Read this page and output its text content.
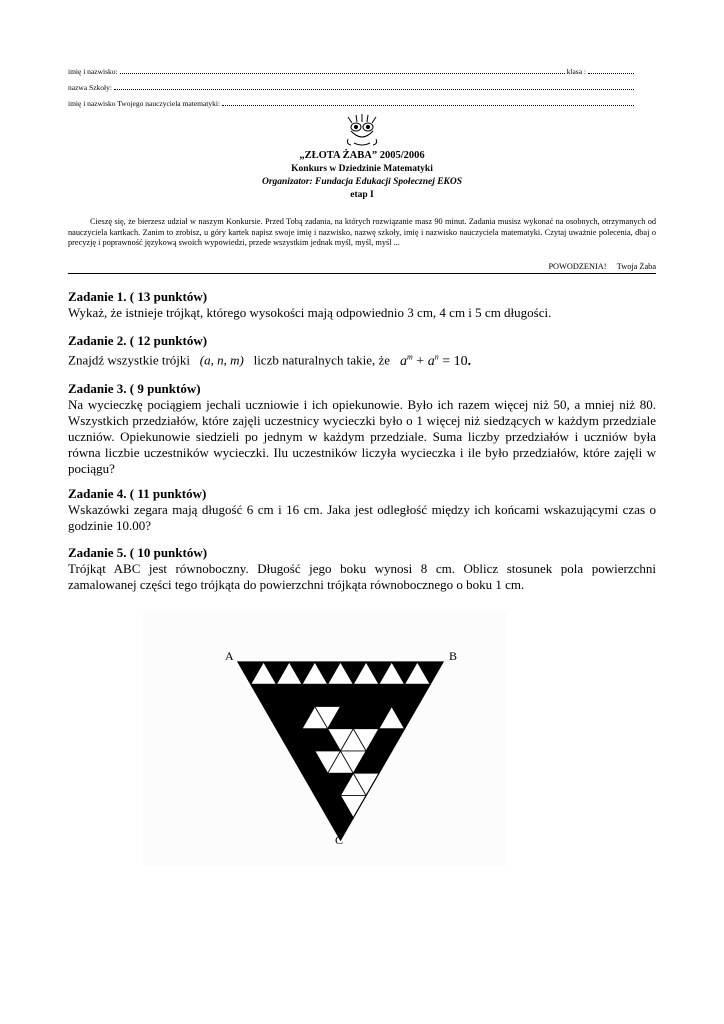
imię i nazwisko:	klasa :
nazwa Szkoły:
imię i nazwisko Twojego nauczyciela matematyki:
„ZŁOTA ŻABA” 2005/2006
Konkurs w Dziedzinie Matematyki
Organizator: Fundacja Edukacji Społecznej EKOS
etap I
Cieszę się, że bierzesz udział w naszym Konkursie. Przed Tobą zadania, na których rozwiązanie masz 90 minut. Zadania musisz wykonać na osobnych, otrzymanych od nauczyciela kartkach. Zanim to zrobisz, u góry kartek napisz swoje imię i nazwisko, nazwę szkoły, imię i nazwisko nauczyciela matematyki. Czytaj uważnie polecenia, dbaj o precyzję i poprawność językową swoich wypowiedzi, przede wszystkim jednak myśl, myśl, myśl ...
POWODZENIA!     Twoja Żaba
Zadanie 1. ( 13 punktów)

Wykaż, że istnieje trójkąt, którego wysokości mają odpowiednio 3 cm, 4 cm i 5 cm długości.

Zadanie 2. ( 12 punktów)

Znajdź wszystkie trójki (a, n, m) liczb naturalnych takie, że $a^m + a^n = 10$.

Zadanie 3. ( 9 punktów)

Na wycieczkę pociągiem jechali uczniowie i ich opiekunowie. Było ich razem więcej niż 50, a mniej niż 80. Wszystkich przedziałów, które zajęli uczestnicy wycieczki było o 1 więcej niż siedzących w każdym przedziale uczniów. Opiekunowie siedzieli po jednym w każdym przedziale. Suma liczby przedziałów i uczniów była równa liczbie uczestników wycieczki. Ilu uczestników liczyła wycieczka i ile było przedziałów, które zajęli w pociągu?

Zadanie 4. ( 11 punktów)

Wskazówki zegara mają długość 6 cm i 16 cm. Jaka jest odległość między ich końcami wskazującymi czas o godzinie 10.00?

Zadanie 5. ( 10 punktów)

Trójkąt ABC jest równoboczny. Długość jego boku wynosi 8 cm. Oblicz stosunek pola powierzchni zamalowanej części tego trójkąta do powierzchni trójkąta równobocznego o boku 1 cm.

A	B
C
